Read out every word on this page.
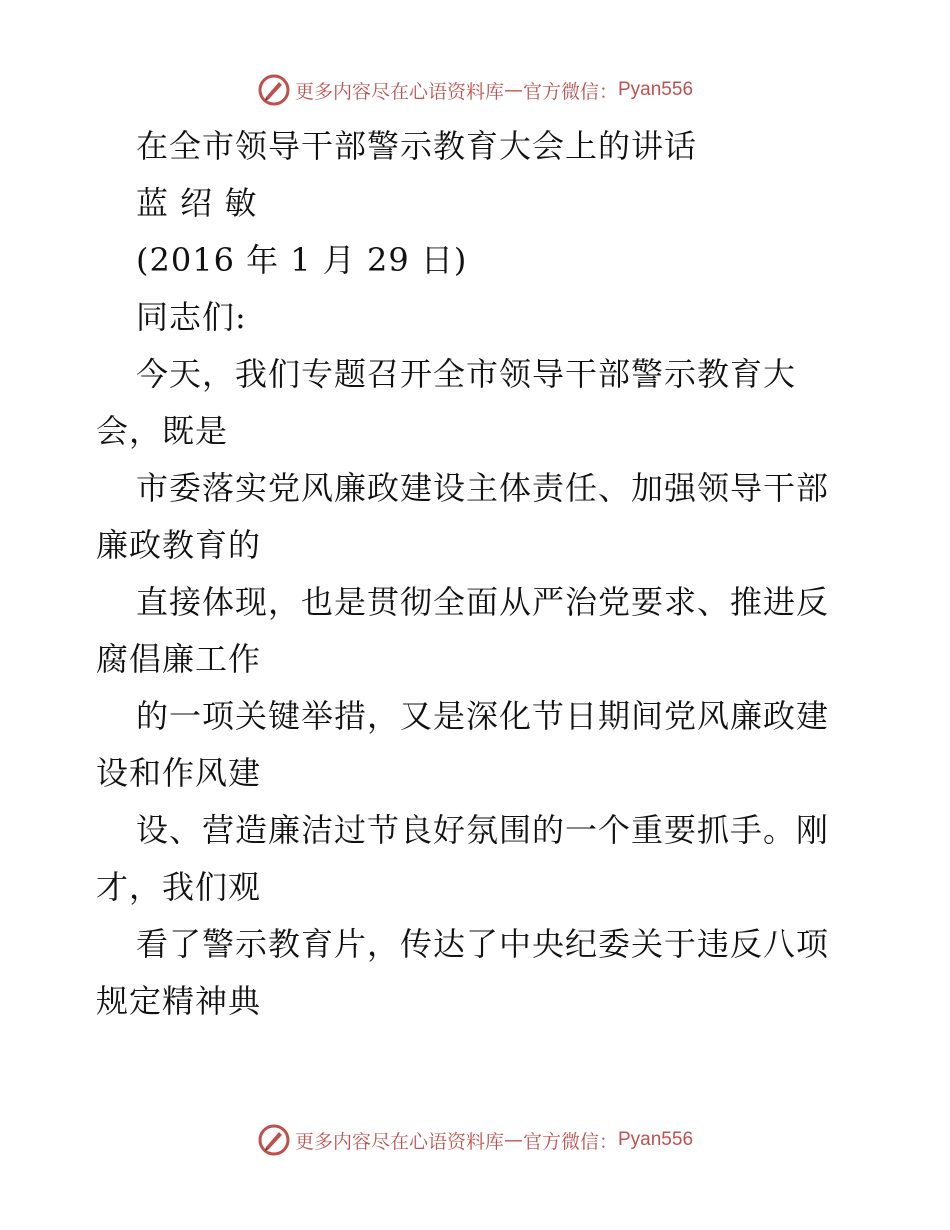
更多内容尽在心语资料库 — 官方微信： Pyan556
在全市领导干部警示教育大会上的讲话
蓝 绍 敏
(2016 年 1 月 29 日)
同志们:
今天，我们专题召开全市领导干部警示教育大
会，既是
市委落实党风廉政建设主体责任、加强领导干部
廉政教育的
直接体现，也是贯彻全面从严治党要求、推进反
腐倡廉工作
的一项关键举措，又是深化节日期间党风廉政建
设和作风建
设、营造廉洁过节良好氛围的一个重要抓手。刚
才，我们观
看了警示教育片，传达了中央纪委关于违反八项
规定精神典
更多内容尽在心语资料库 — 官方微信： Pyan556
